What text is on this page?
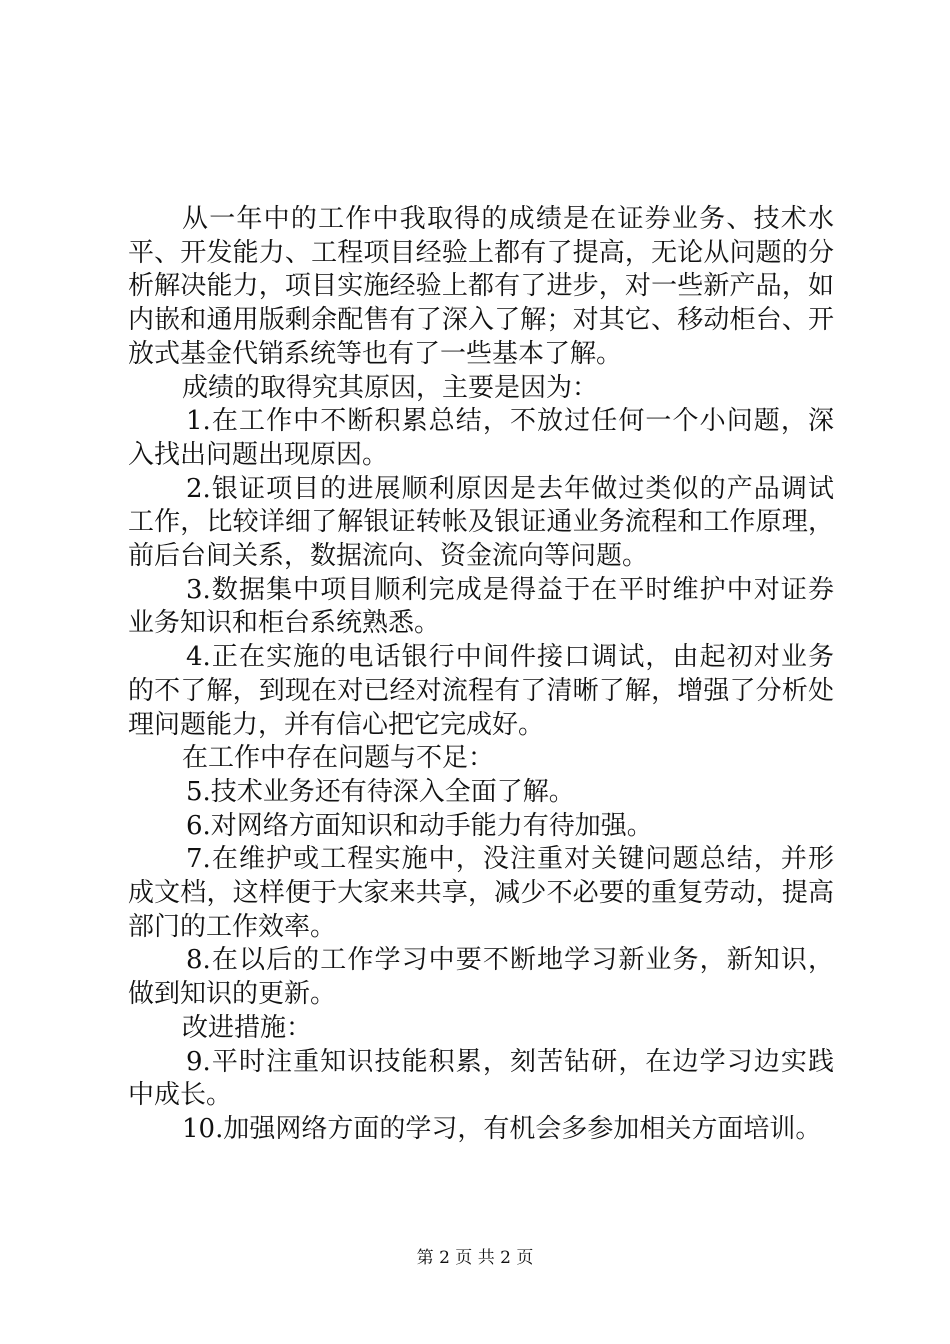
从一年中的工作中我取得的成绩是在证券业务、技术水平、开发能力、工程项目经验上都有了提高，无论从问题的分析解决能力，项目实施经验上都有了进步，对一些新产品，如内嵌和通用版剩余配售有了深入了解；对其它、移动柜台、开放式基金代销系统等也有了一些基本了解。

成绩的取得究其原因，主要是因为：

1.在工作中不断积累总结，不放过任何一个小问题，深入找出问题出现原因。

2.银证项目的进展顺利原因是去年做过类似的产品调试工作，比较详细了解银证转帐及银证通业务流程和工作原理，前后台间关系，数据流向、资金流向等问题。

3.数据集中项目顺利完成是得益于在平时维护中对证券业务知识和柜台系统熟悉。

4.正在实施的电话银行中间件接口调试，由起初对业务的不了解，到现在对已经对流程有了清晰了解，增强了分析处理问题能力，并有信心把它完成好。

在工作中存在问题与不足：

5.技术业务还有待深入全面了解。

6.对网络方面知识和动手能力有待加强。

7.在维护或工程实施中，没注重对关键问题总结，并形成文档，这样便于大家来共享，减少不必要的重复劳动，提高部门的工作效率。

8.在以后的工作学习中要不断地学习新业务，新知识，做到知识的更新。

改进措施：

9.平时注重知识技能积累，刻苦钻研，在边学习边实践中成长。

10.加强网络方面的学习，有机会多参加相关方面培训。

第 2 页 共 2 页
